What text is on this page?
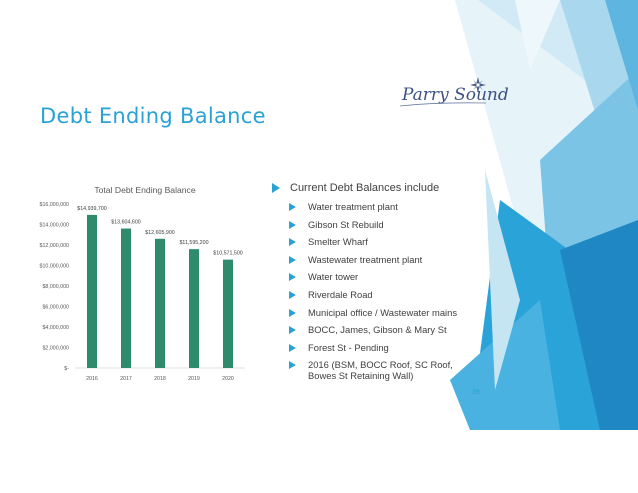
Debt Ending Balance
Parry Sound
Total Debt Ending Balance
$-
$2,000,000
$4,000,000
$6,000,000
$8,000,000
$10,000,000
$12,000,000
$14,000,000
$16,000,000
$14,939,700
2016
$13,604,600
2017
$12,605,900
2018
$11,595,200
2019
$10,571,500
2020
Current Debt Balances include
Water treatment plant
Gibson St Rebuild
Smelter Wharf
Wastewater treatment plant
Water tower
Riverdale Road
Municipal office / Wastewater mains
BOCC, James, Gibson & Mary St
Forest St - Pending
2016 (BSM, BOCC Roof, SC Roof,
Bowes St Retaining Wall)
39
